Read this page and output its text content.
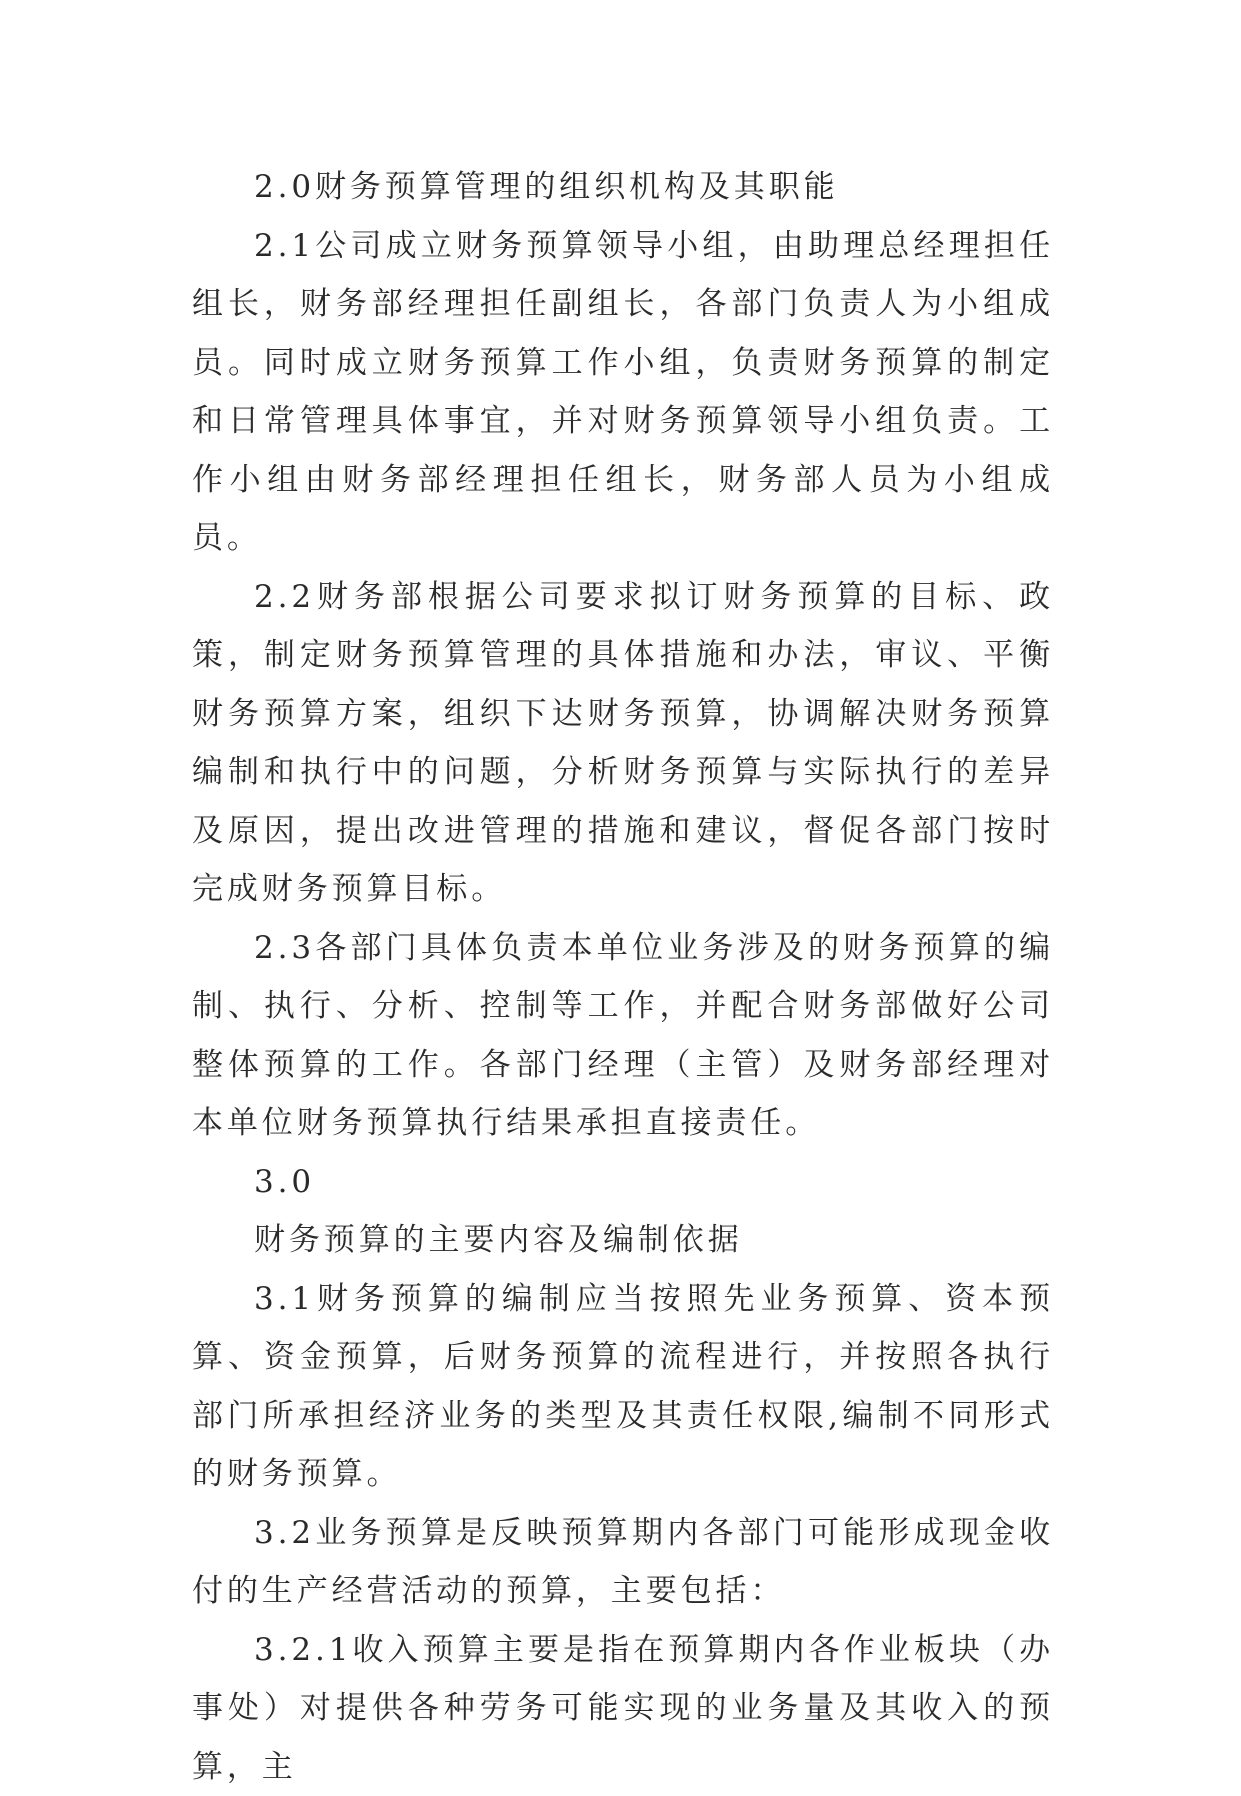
2.0财务预算管理的组织机构及其职能

2.1公司成立财务预算领导小组，由助理总经理担任组长，财务部经理担任副组长，各部门负责人为小组成员。同时成立财务预算工作小组，负责财务预算的制定和日常管理具体事宜，并对财务预算领导小组负责。工作小组由财务部经理担任组长，财务部人员为小组成员。

2.2财务部根据公司要求拟订财务预算的目标、政策，制定财务预算管理的具体措施和办法，审议、平衡财务预算方案，组织下达财务预算，协调解决财务预算编制和执行中的问题，分析财务预算与实际执行的差异及原因，提出改进管理的措施和建议，督促各部门按时完成财务预算目标。

2.3各部门具体负责本单位业务涉及的财务预算的编制、执行、分析、控制等工作，并配合财务部做好公司整体预算的工作。各部门经理（主管）及财务部经理对本单位财务预算执行结果承担直接责任。

3.0

财务预算的主要内容及编制依据

3.1财务预算的编制应当按照先业务预算、资本预算、资金预算，后财务预算的流程进行，并按照各执行部门所承担经济业务的类型及其责任权限,编制不同形式的财务预算。

3.2业务预算是反映预算期内各部门可能形成现金收付的生产经营活动的预算，主要包括：

3.2.1收入预算主要是指在预算期内各作业板块（办事处）对提供各种劳务可能实现的业务量及其收入的预算，主
